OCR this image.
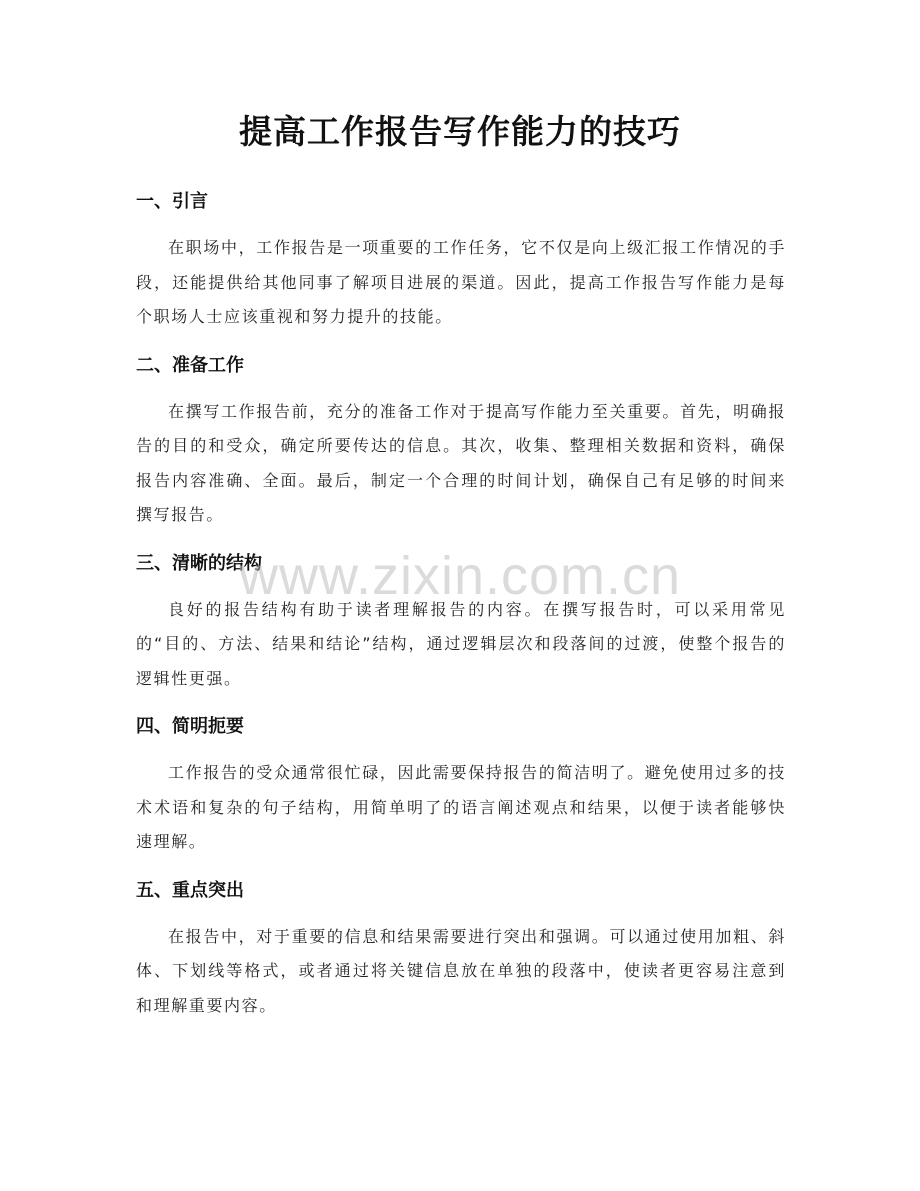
提高工作报告写作能力的技巧
一、引言

在职场中，工作报告是一项重要的工作任务，它不仅是向上级汇报工作情况的手段，还能提供给其他同事了解项目进展的渠道。因此，提高工作报告写作能力是每个职场人士应该重视和努力提升的技能。

二、准备工作

在撰写工作报告前，充分的准备工作对于提高写作能力至关重要。首先，明确报告的目的和受众，确定所要传达的信息。其次，收集、整理相关数据和资料，确保报告内容准确、全面。最后，制定一个合理的时间计划，确保自己有足够的时间来撰写报告。

三、清晰的结构

良好的报告结构有助于读者理解报告的内容。在撰写报告时，可以采用常见的“目的、方法、结果和结论”结构，通过逻辑层次和段落间的过渡，使整个报告的逻辑性更强。

四、简明扼要

工作报告的受众通常很忙碌，因此需要保持报告的简洁明了。避免使用过多的技术术语和复杂的句子结构，用简单明了的语言阐述观点和结果，以便于读者能够快速理解。

五、重点突出

在报告中，对于重要的信息和结果需要进行突出和强调。可以通过使用加粗、斜体、下划线等格式，或者通过将关键信息放在单独的段落中，使读者更容易注意到和理解重要内容。

www.zixin.com.cn
